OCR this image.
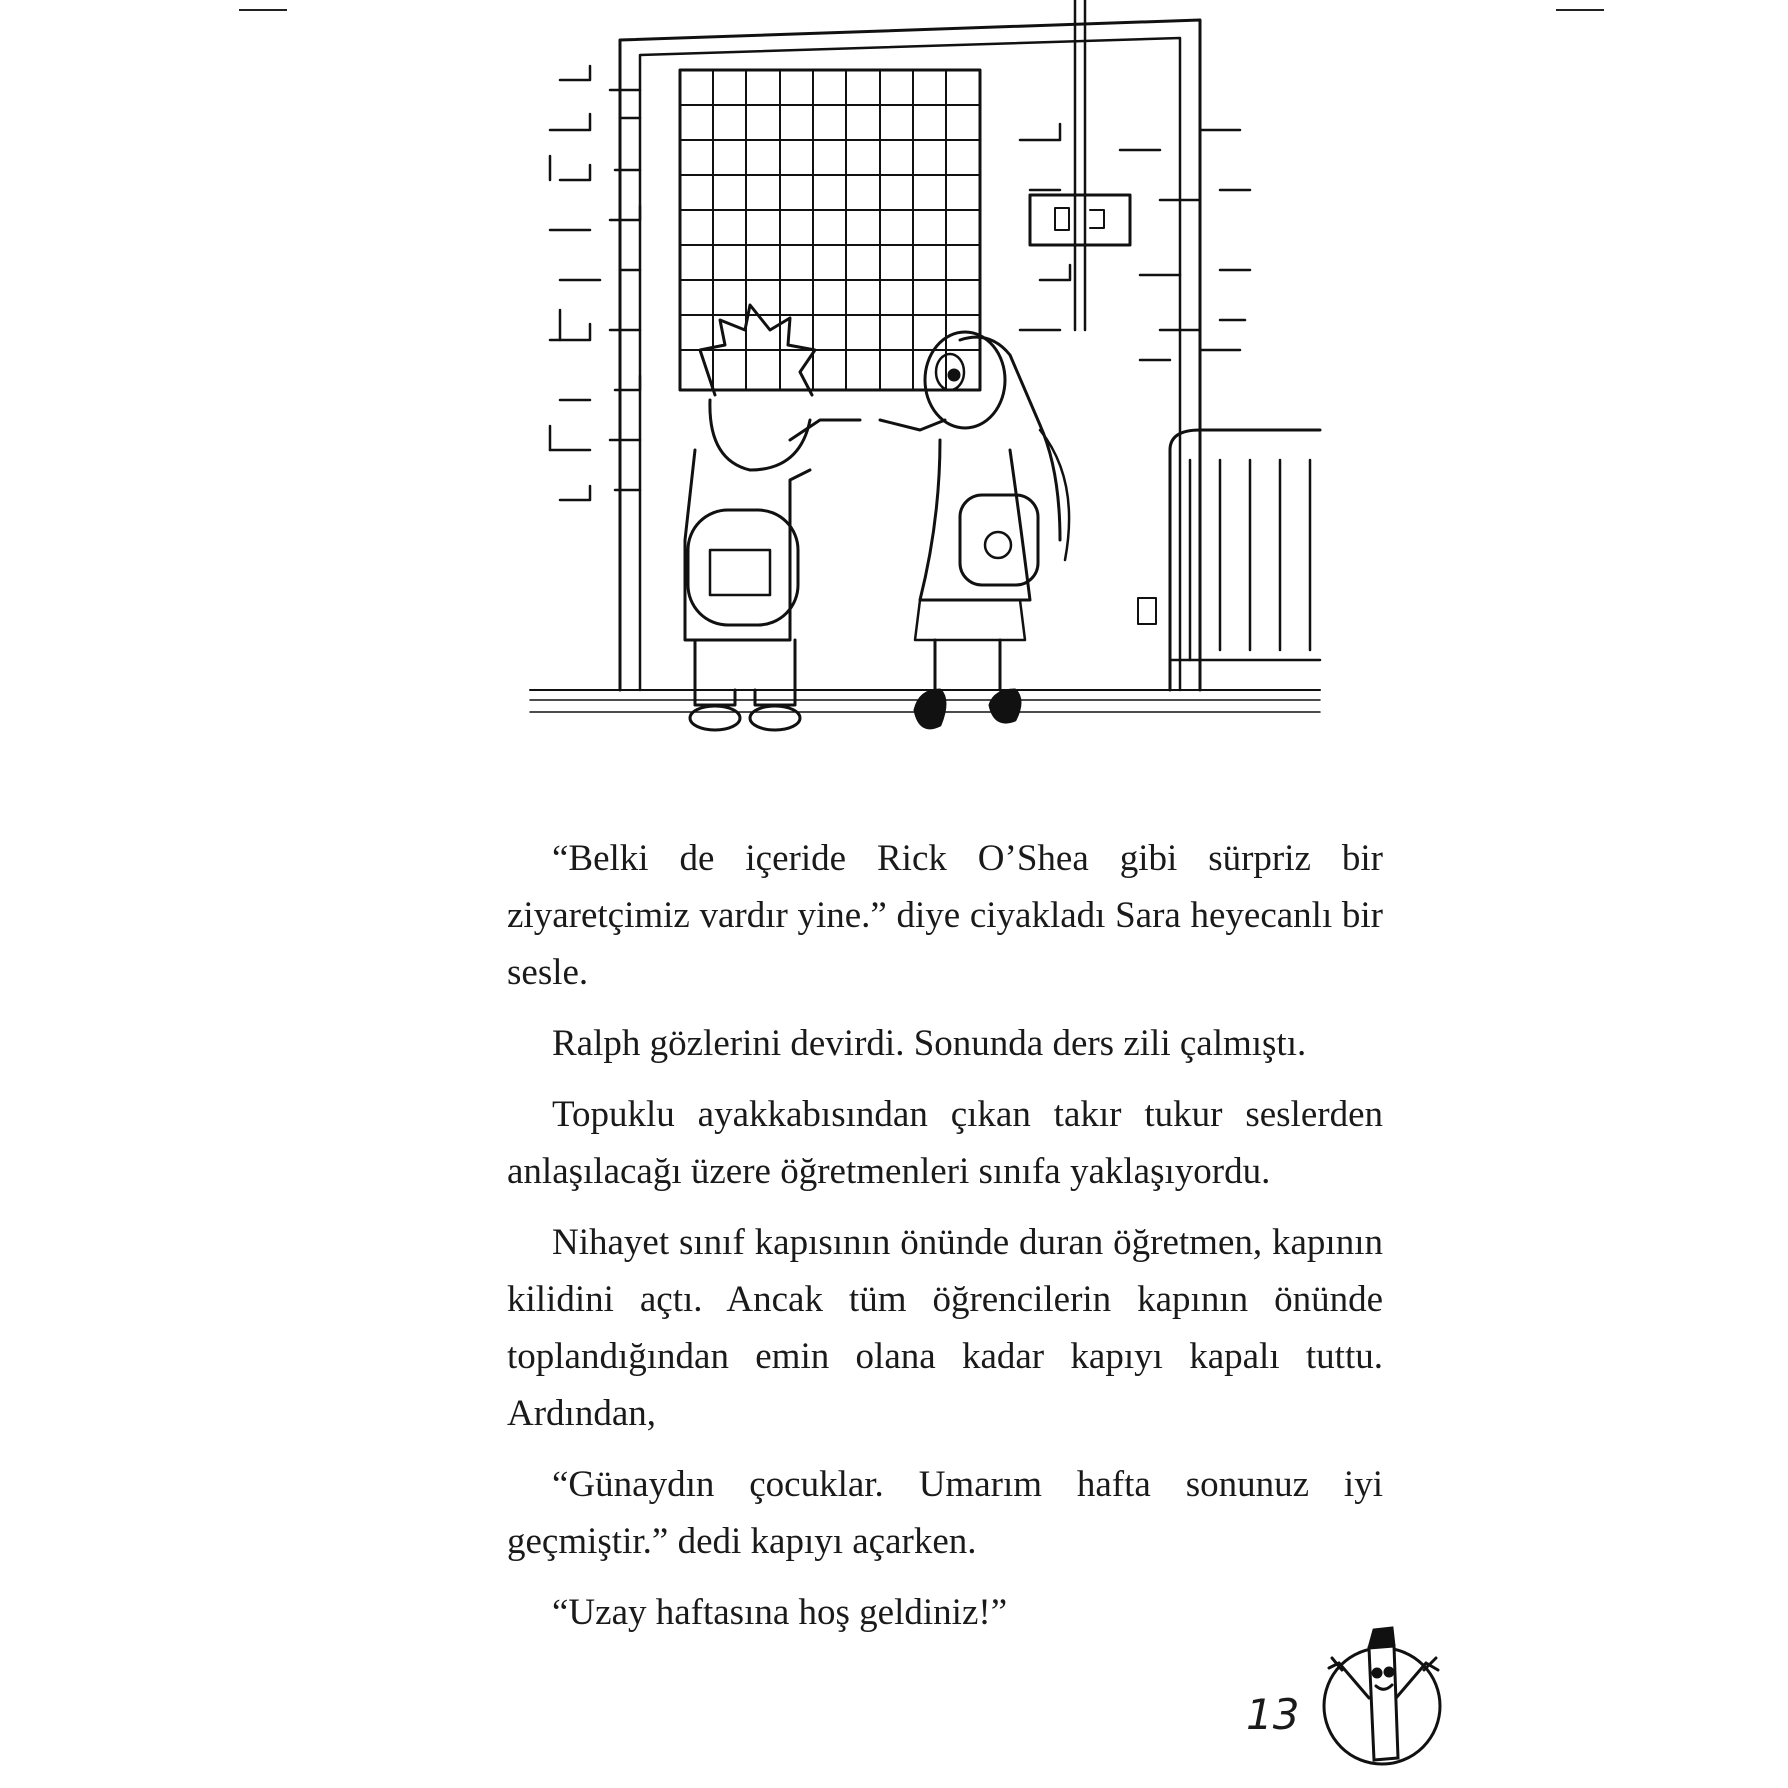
“Belki de içeride Rick O’Shea gibi sürpriz bir ziyaretçimiz vardır yine.” diye ciyakladı Sara heyecanlı bir sesle.

Ralph gözlerini devirdi. Sonunda ders zili çalmıştı.

Topuklu ayakkabısından çıkan takır tukur seslerden anlaşılacağı üzere öğretmenleri sınıfa yaklaşıyordu.

Nihayet sınıf kapısının önünde duran öğretmen, kapının kilidini açtı. Ancak tüm öğrencilerin kapının önünde toplandığından emin olana kadar kapıyı kapalı tuttu. Ardından,

“Günaydın çocuklar. Umarım hafta sonunuz iyi geçmiştir.” dedi kapıyı açarken.

“Uzay haftasına hoş geldiniz!”

13
